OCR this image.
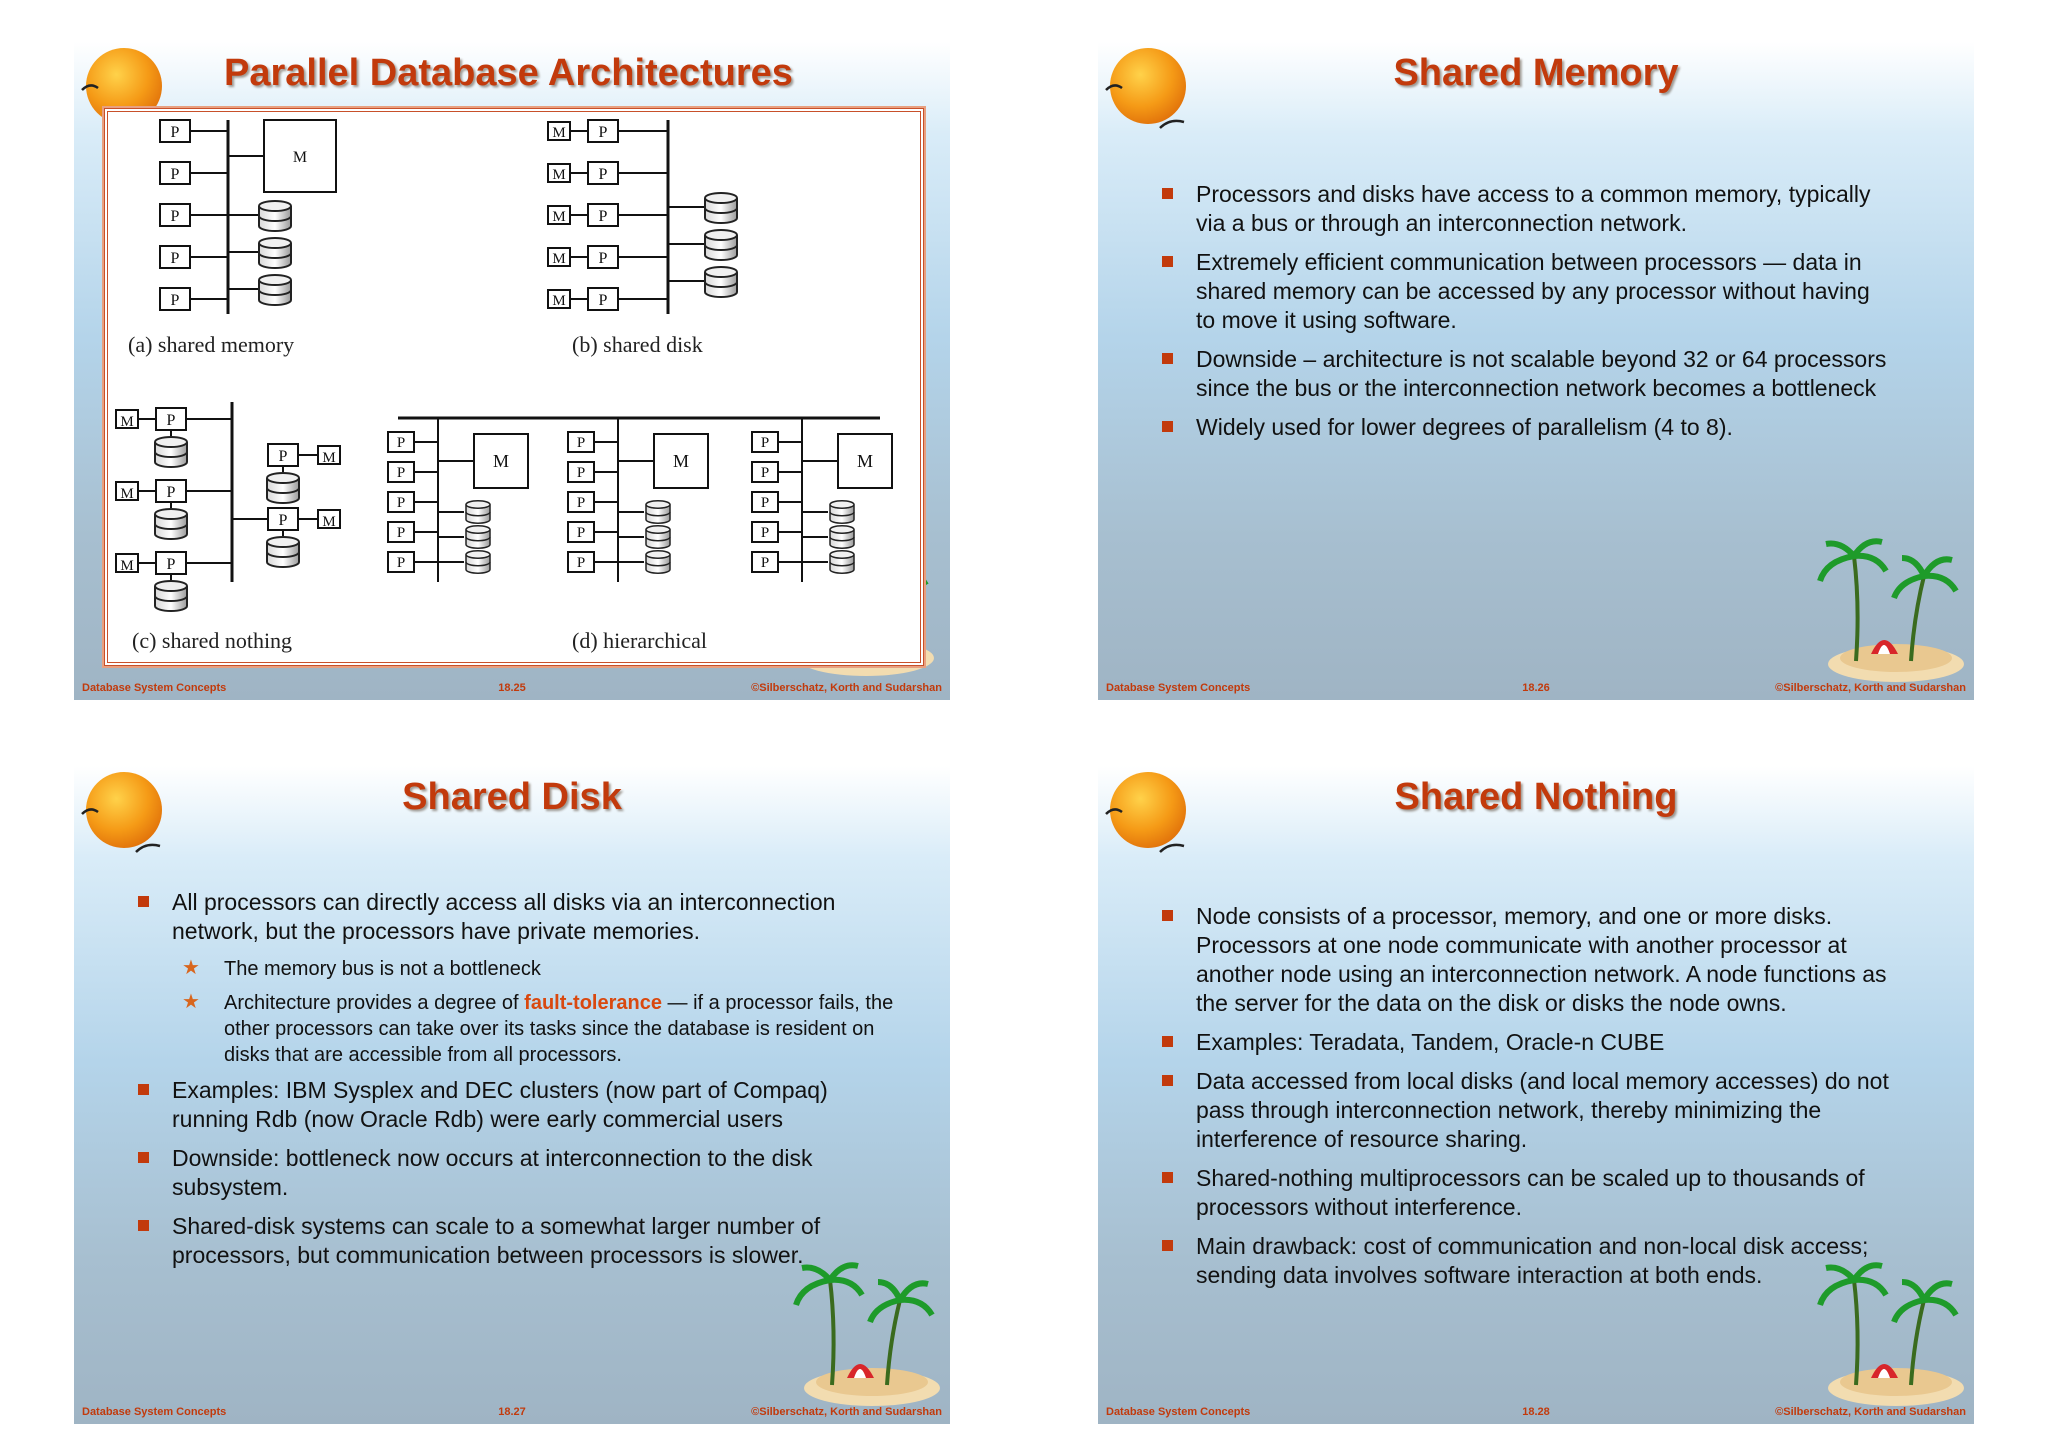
Parallel Database Architectures
P
P
P
P
P
M
(a) shared memory
M
M
M
M
M
P
P
P
P
P
(b) shared disk
M
M
M
M
M
P
P
P
P
P
(c) shared nothing
P
P
P
P
P
M
P
P
P
P
P
M
P
P
P
P
P
M
(d) hierarchical
Database System Concepts	18.25	©Silberschatz, Korth and Sudarshan
Shared Memory
Processors and disks have access to a common memory, typically via a bus or through an interconnection network.
Extremely efficient communication between processors — data in shared memory can be accessed by any processor without having to move it using software.
Downside – architecture is not scalable beyond 32 or 64 processors since the bus or the interconnection network becomes a bottleneck
Widely used for lower degrees of parallelism (4 to 8).
Database System Concepts	18.26	©Silberschatz, Korth and Sudarshan
Shared Disk
All processors can directly access all disks via an interconnection network, but the processors have private memories.
★ The memory bus is not a bottleneck
★ Architecture provides a degree of fault-tolerance — if a processor fails, the other processors can take over its tasks since the database is resident on disks that are accessible from all processors.
Examples: IBM Sysplex and DEC clusters (now part of Compaq) running Rdb (now Oracle Rdb) were early commercial users
Downside: bottleneck now occurs at interconnection to the disk subsystem.
Shared-disk systems can scale to a somewhat larger number of processors, but communication between processors is slower.
Database System Concepts	18.27	©Silberschatz, Korth and Sudarshan
Shared Nothing
Node consists of a processor, memory, and one or more disks. Processors at one node communicate with another processor at another node using an interconnection network. A node functions as the server for the data on the disk or disks the node owns.
Examples: Teradata, Tandem, Oracle-n CUBE
Data accessed from local disks (and local memory accesses) do not pass through interconnection network, thereby minimizing the interference of resource sharing.
Shared-nothing multiprocessors can be scaled up to thousands of processors without interference.
Main drawback: cost of communication and non-local disk access; sending data involves software interaction at both ends.
Database System Concepts	18.28	©Silberschatz, Korth and Sudarshan
